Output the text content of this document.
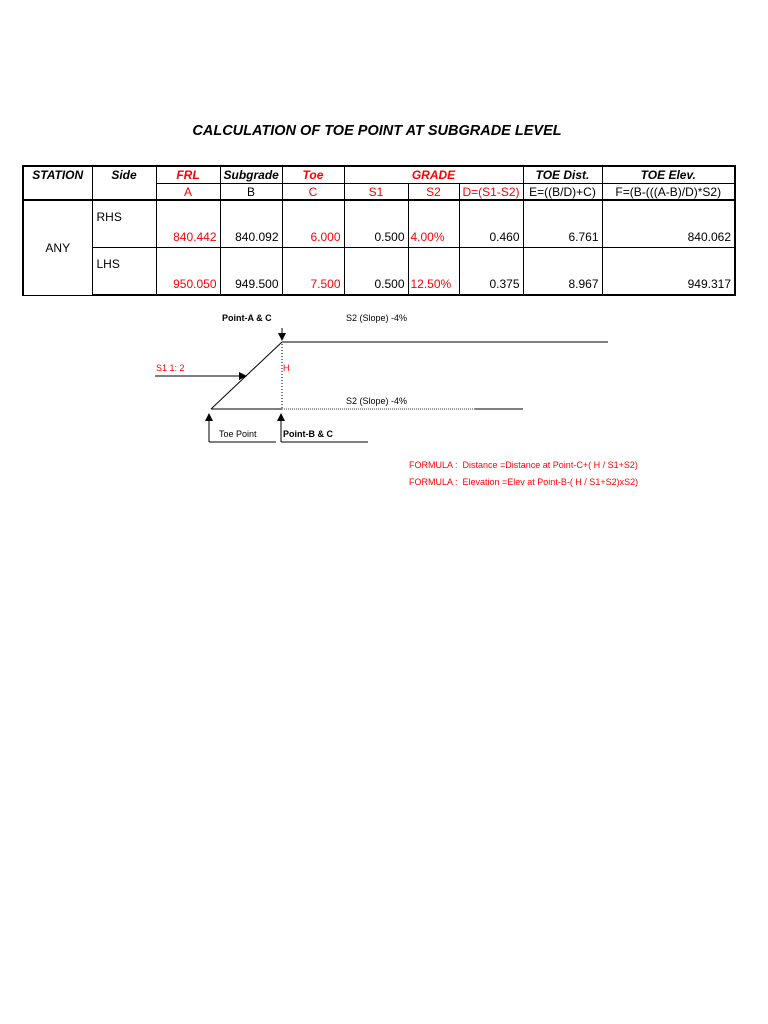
CALCULATION OF TOE POINT AT SUBGRADE LEVEL
STATION	Side	FRL	Subgrade	Toe	GRADE			TOE Dist.	TOE Elev.
		A	B	C	S1	S2	D=(S1-S2)	E=((B/D)+C)	F=(B-(((A-B)/D)*S2)
ANY	RHS	840.442	840.092	6.000	0.500	4.00%	0.460	6.761	840.062
	LHS	950.050	949.500	7.500	0.500	12.50%	0.375	8.967	949.317
Point-A & C	S2 (Slope) -4%
S1 1: 2	H
S2 (Slope) -4%
Toe Point	Point-B & C
FORMULA :  Distance =Distance at Point-C+( H / S1+S2)
FORMULA :  Elevation =Elev at Point-B-( H / S1+S2)xS2)
